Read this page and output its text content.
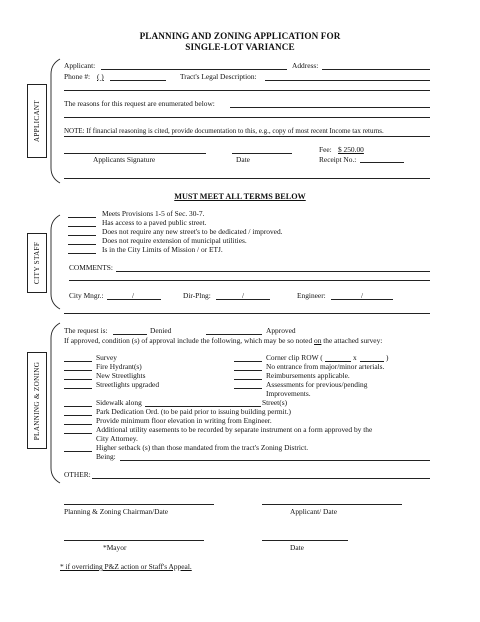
PLANNING AND ZONING APPLICATION FOR
SINGLE-LOT VARIANCE
APPLICANT
Applicant:	Address:
Phone #: ( )	Tract's Legal Description:
The reasons for this request are enumerated below:
NOTE: If financial reasoning is cited, provide documentation to this, e.g., copy of most recent Income tax returns.
Fee: $ 250.00
Applicants Signature	Date	Receipt No.:
MUST MEET ALL TERMS BELOW
CITY STAFF
Meets Provisions 1-5 of Sec. 30-7.
Has access to a paved public street.
Does not require any new street's to be dedicated / improved.
Does not require extension of municipal utilities.
Is in the City Limits of Mission / or ETJ.
COMMENTS:
City Mngr.:	/	Dir-Plng:	/	Engineer:	/
PLANNING & ZONING
The request is:	Denied	Approved
If approved, condition (s) of approval include the following, which may be so noted on the attached survey:
Survey
Fire Hydrant(s)
New Streetlights
Streetlights upgraded
Corner clip ROW (	x	)
No entrance from major/minor arterials.
Reimbursements applicable.
Assessments for previous/pending
Improvements.
Sidewalk along	Street(s)
Park Dedication Ord. (to be paid prior to issuing building permit.)
Provide minimum floor elevation in writing from Engineer.
Additional utility easements to be recorded by separate instrument on a form approved by the
City Attorney.
Higher setback (s) than those mandated from the tract's Zoning District.
Being:
OTHER:
Planning & Zoning Chairman/Date	Applicant/ Date
*Mayor	Date
* if overriding P&Z action or Staff's Appeal.
